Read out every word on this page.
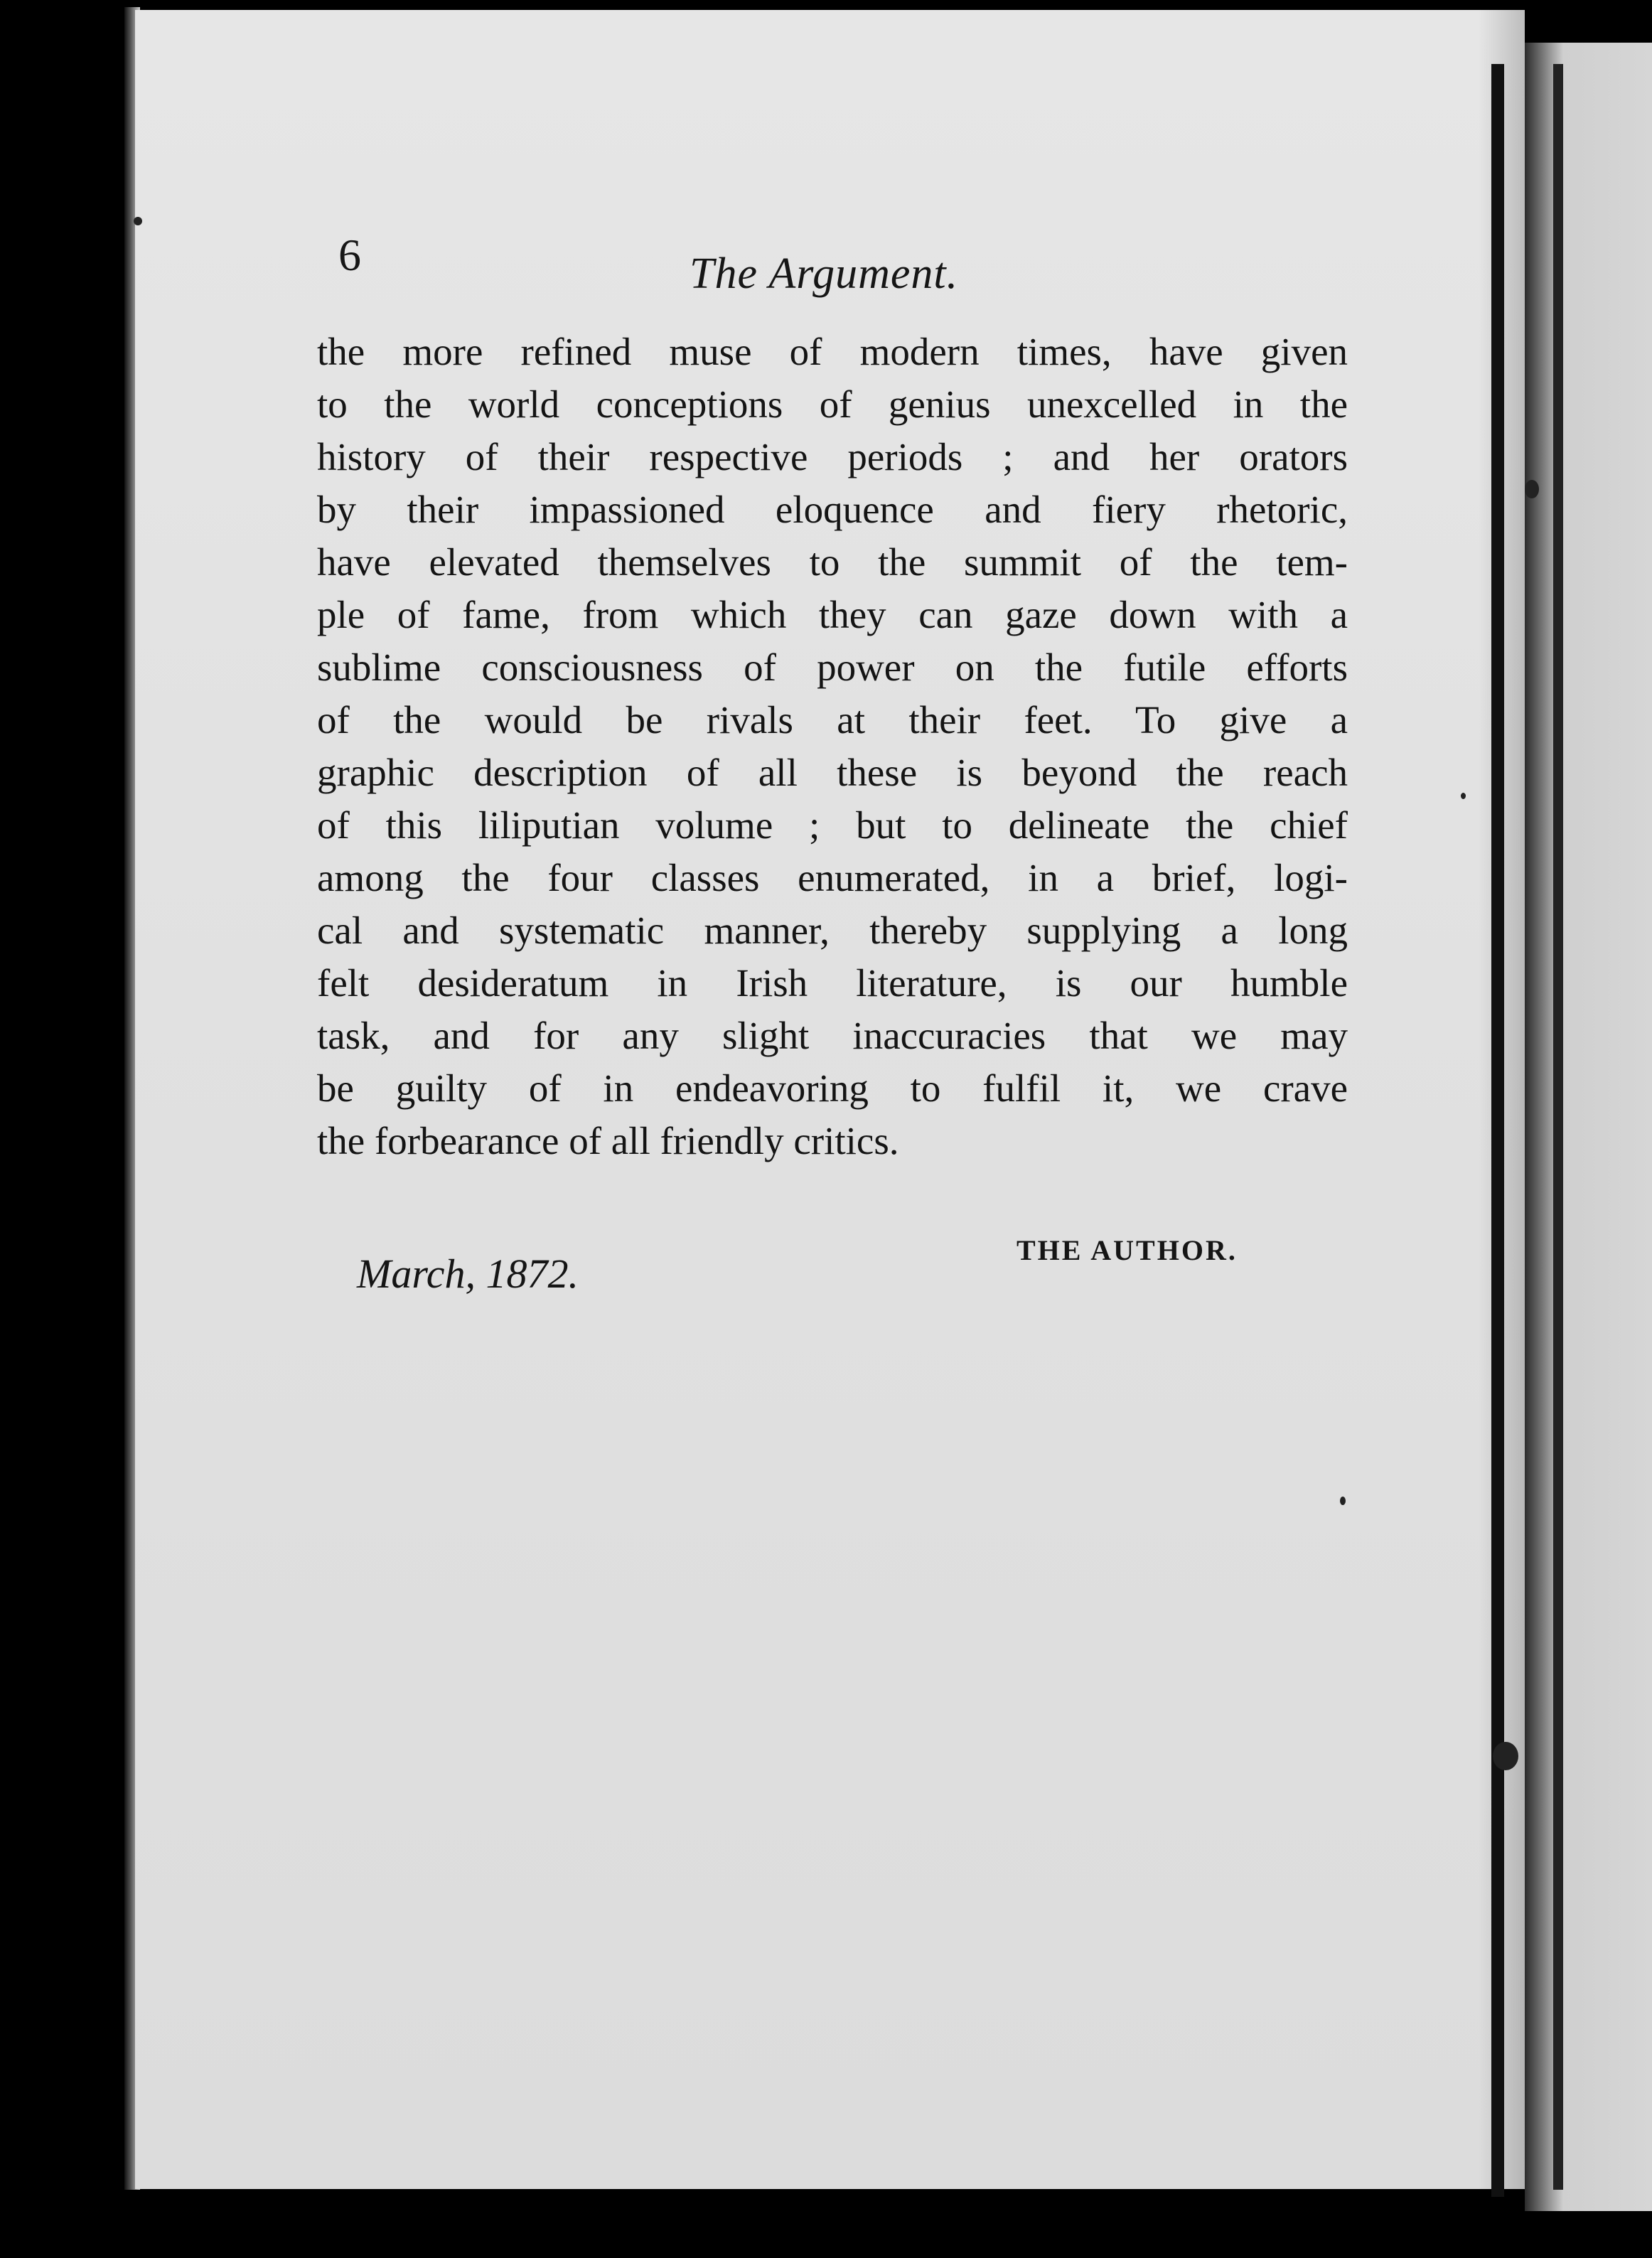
6	The Argument.
the more refined muse of modern times, have given
to the world conceptions of genius unexcelled in the
history of their respective periods ; and her orators
by their impassioned eloquence and fiery rhetoric,
have elevated themselves to the summit of the tem-
ple of fame, from which they can gaze down with a
sublime consciousness of power on the futile efforts
of the would be rivals at their feet. To give a
graphic description of all these is beyond the reach
of this liliputian volume ; but to delineate the chief
among the four classes enumerated, in a brief, logi-
cal and systematic manner, thereby supplying a long
felt desideratum in Irish literature, is our humble
task, and for any slight inaccuracies that we may
be guilty of in endeavoring to fulfil it, we crave
the forbearance of all friendly critics.
THE AUTHOR.
March, 1872.
